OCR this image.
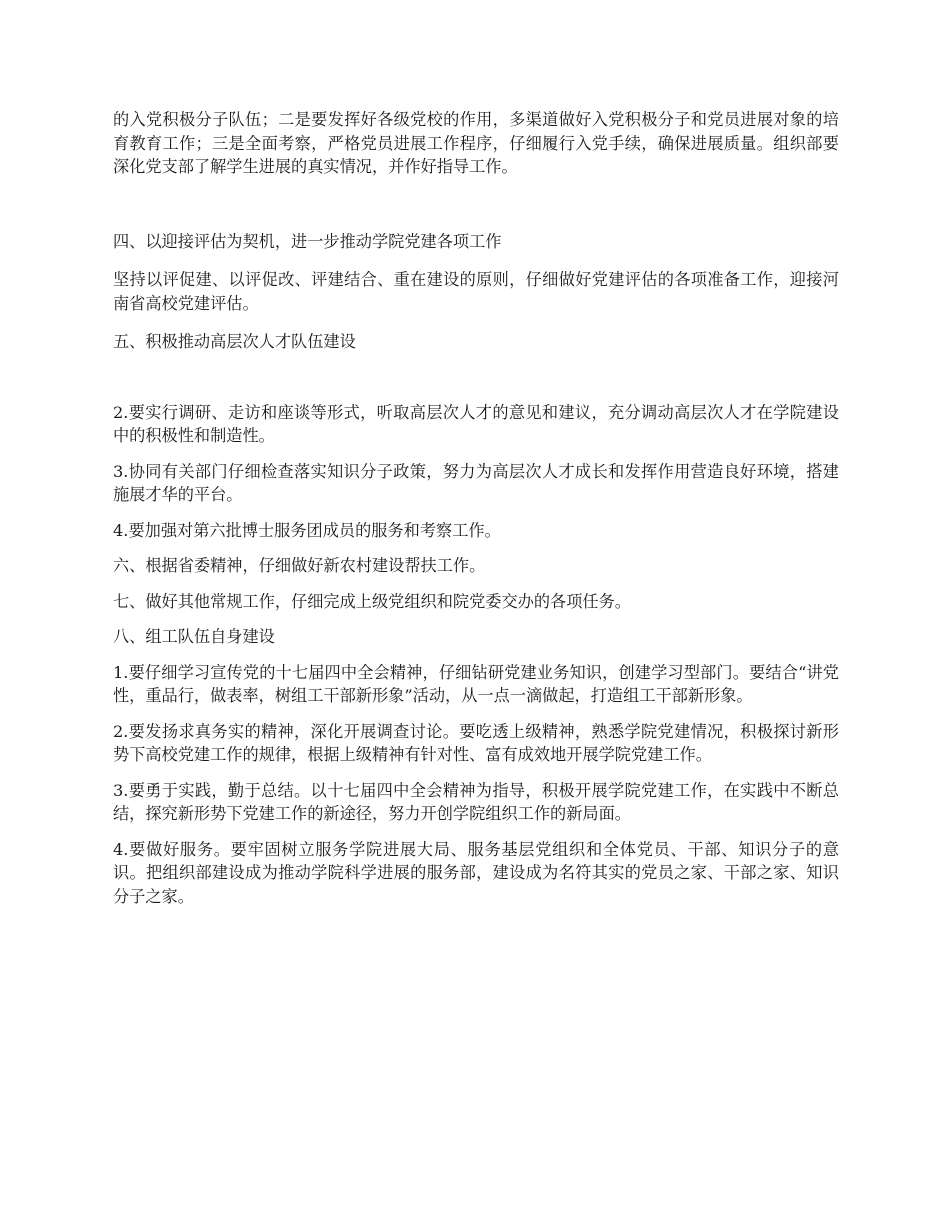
的入党积极分子队伍；二是要发挥好各级党校的作用，多渠道做好入党积极分子和党员进展对象的培育教育工作；三是全面考察，严格党员进展工作程序，仔细履行入党手续，确保进展质量。组织部要深化党支部了解学生进展的真实情况，并作好指导工作。

四、以迎接评估为契机，进一步推动学院党建各项工作

坚持以评促建、以评促改、评建结合、重在建设的原则，仔细做好党建评估的各项准备工作，迎接河南省高校党建评估。

五、积极推动高层次人才队伍建设

2.要实行调研、走访和座谈等形式，听取高层次人才的意见和建议，充分调动高层次人才在学院建设中的积极性和制造性。

3.协同有关部门仔细检查落实知识分子政策，努力为高层次人才成长和发挥作用营造良好环境，搭建施展才华的平台。

4.要加强对第六批博士服务团成员的服务和考察工作。

六、根据省委精神，仔细做好新农村建设帮扶工作。

七、做好其他常规工作，仔细完成上级党组织和院党委交办的各项任务。

八、组工队伍自身建设

1.要仔细学习宣传党的十七届四中全会精神，仔细钻研党建业务知识，创建学习型部门。要结合“讲党性，重品行，做表率，树组工干部新形象”活动，从一点一滴做起，打造组工干部新形象。

2.要发扬求真务实的精神，深化开展调查讨论。要吃透上级精神，熟悉学院党建情况，积极探讨新形势下高校党建工作的规律，根据上级精神有针对性、富有成效地开展学院党建工作。

3.要勇于实践，勤于总结。以十七届四中全会精神为指导，积极开展学院党建工作，在实践中不断总结，探究新形势下党建工作的新途径，努力开创学院组织工作的新局面。

4.要做好服务。要牢固树立服务学院进展大局、服务基层党组织和全体党员、干部、知识分子的意识。把组织部建设成为推动学院科学进展的服务部，建设成为名符其实的党员之家、干部之家、知识分子之家。
